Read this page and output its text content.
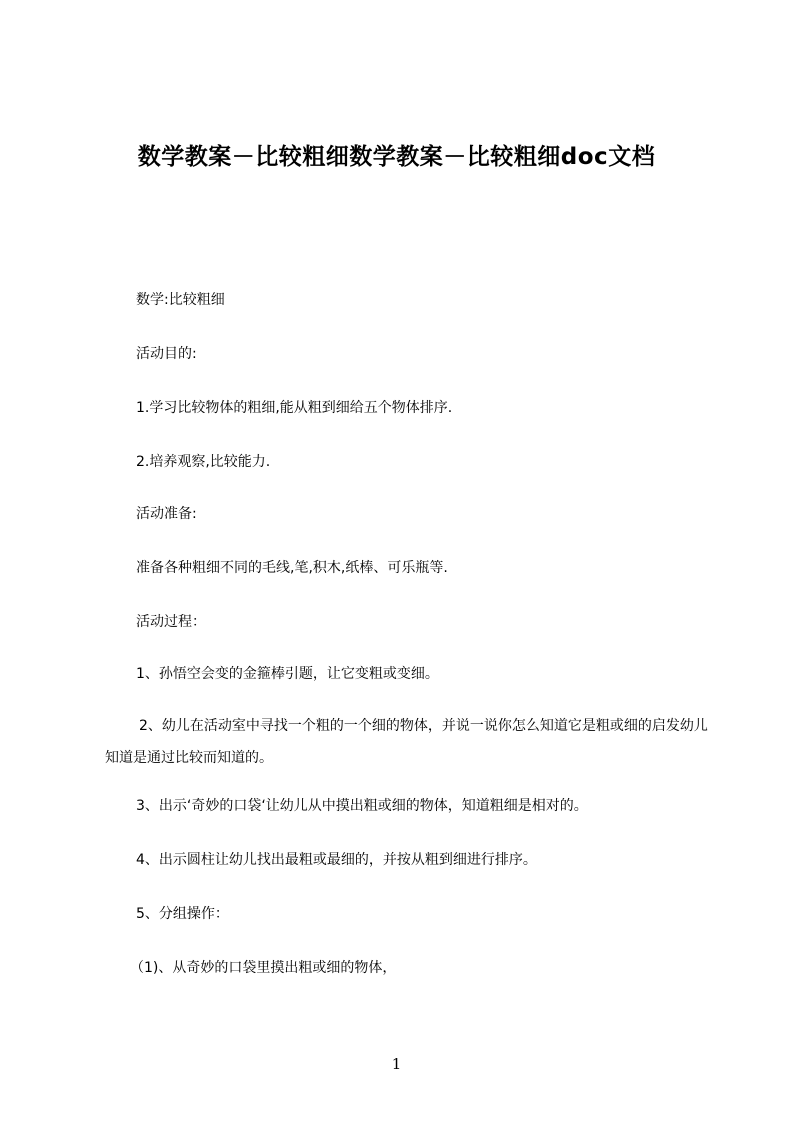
数学教案－比较粗细数学教案－比较粗细doc文档

数学:比较粗细

活动目的:

1.学习比较物体的粗细,能从粗到细给五个物体排序.

2.培养观察,比较能力.

活动准备:

准备各种粗细不同的毛线,笔,积木,纸棒、可乐瓶等.

活动过程：

1、孙悟空会变的金箍棒引题，让它变粗或变细。

2、幼儿在活动室中寻找一个粗的一个细的物体，并说一说你怎么知道它是粗或细的启发幼儿知道是通过比较而知道的。

3、出示‘奇妙的口袋‘让幼儿从中摸出粗或细的物体，知道粗细是相对的。

4、出示圆柱让幼儿找出最粗或最细的，并按从粗到细进行排序。

5、分组操作：

（1)、从奇妙的口袋里摸出粗或细的物体，

1
